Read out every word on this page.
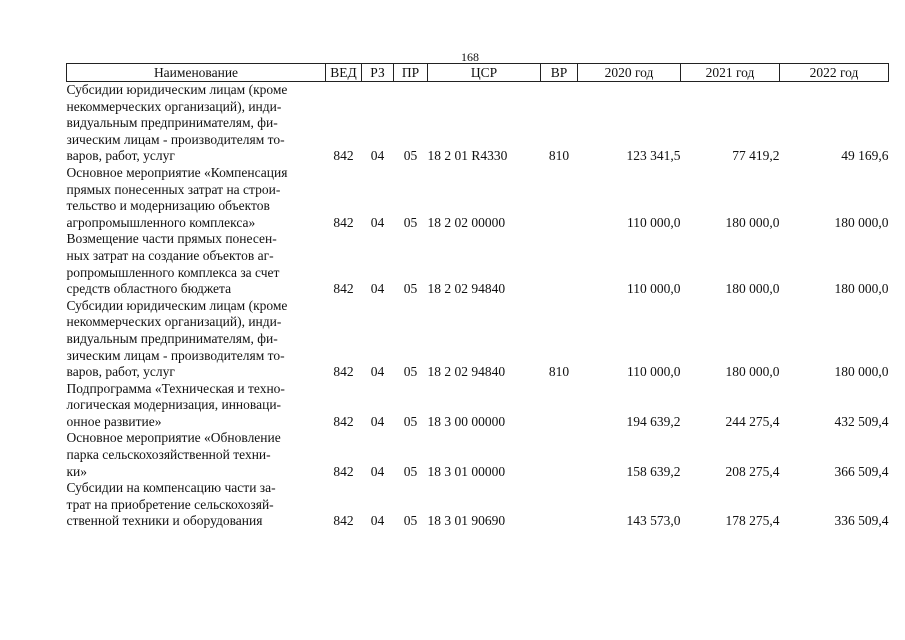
168
Наименование	ВЕД	РЗ	ПР	ЦСР	ВР	2020 год	2021 год	2022 год

Субсидии юридическим лицам (кроме
некоммерческих организаций), инди-
видуальным предпринимателям, фи-
зическим лицам - производителям то-
варов, работ, услуг	842	04	05	18 2 01 R4330	810	123 341,5	77 419,2	49 169,6

Основное мероприятие «Компенсация
прямых понесенных затрат на строи-
тельство и модернизацию объектов
агропромышленного комплекса»	842	04	05	18 2 02 00000		110 000,0	180 000,0	180 000,0

Возмещение части прямых понесен-
ных затрат на создание объектов аг-
ропромышленного комплекса за счет
средств областного бюджета	842	04	05	18 2 02 94840		110 000,0	180 000,0	180 000,0

Субсидии юридическим лицам (кроме
некоммерческих организаций), инди-
видуальным предпринимателям, фи-
зическим лицам - производителям то-
варов, работ, услуг	842	04	05	18 2 02 94840	810	110 000,0	180 000,0	180 000,0

Подпрограмма «Техническая и техно-
логическая модернизация, инноваци-
онное развитие»	842	04	05	18 3 00 00000		194 639,2	244 275,4	432 509,4

Основное мероприятие «Обновление
парка сельскохозяйственной техни-
ки»	842	04	05	18 3 01 00000		158 639,2	208 275,4	366 509,4

Субсидии на компенсацию части за-
трат на приобретение сельскохозяй-
ственной техники и оборудования	842	04	05	18 3 01 90690		143 573,0	178 275,4	336 509,4
